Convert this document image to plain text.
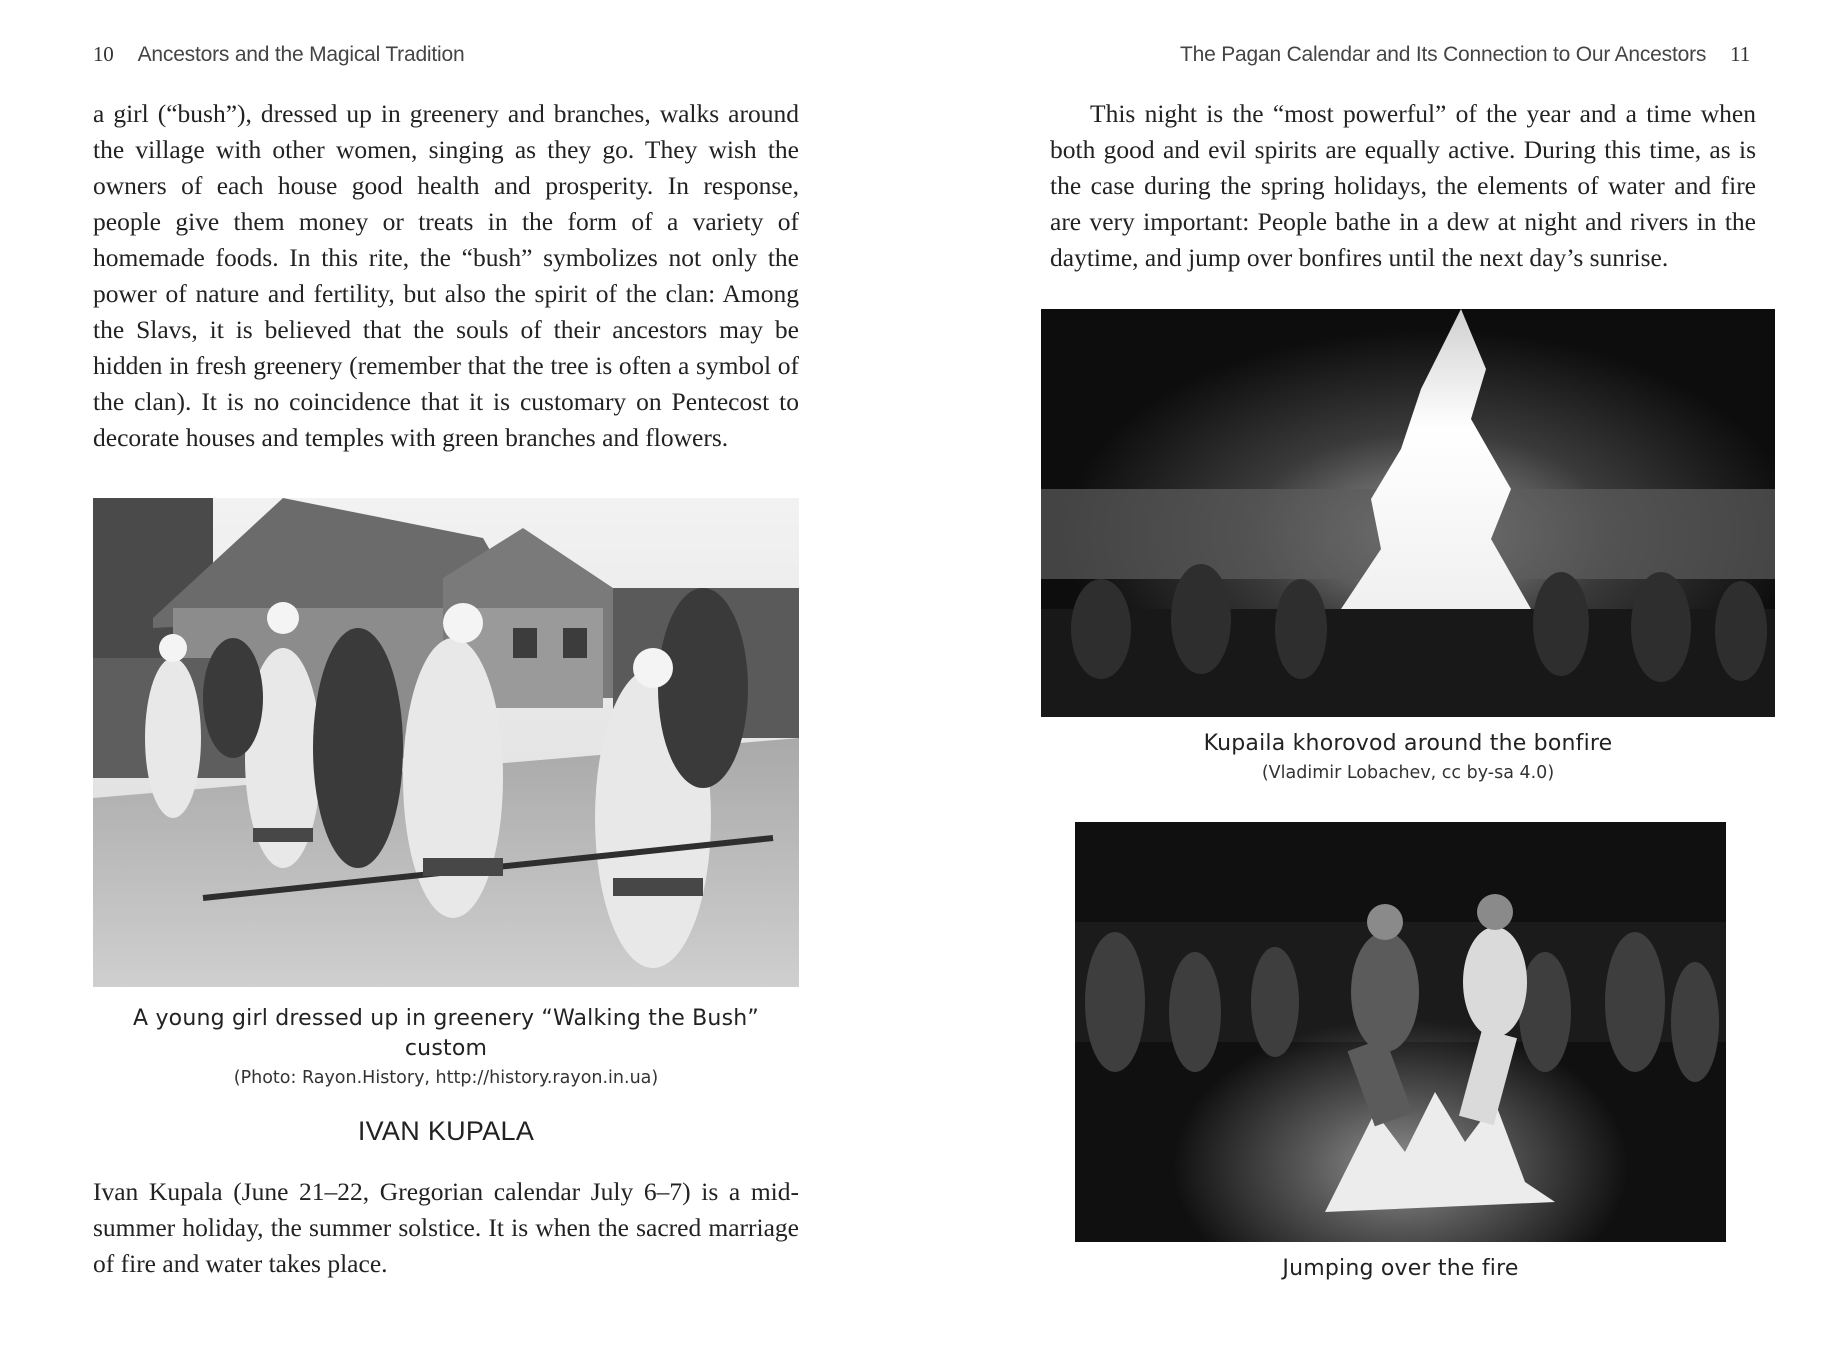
10 Ancestors and the Magical Tradition
a girl (“bush”), dressed up in greenery and branches, walks around the village with other women, singing as they go. They wish the owners of each house good health and prosperity. In response, people give them money or treats in the form of a variety of homemade foods. In this rite, the “bush” symbolizes not only the power of nature and fertility, but also the spirit of the clan: Among the Slavs, it is believed that the souls of their ancestors may be hidden in fresh greenery (remember that the tree is often a symbol of the clan). It is no coincidence that it is customary on Pentecost to decorate houses and temples with green branches and flowers.
A young girl dressed up in greenery “Walking the Bush” custom
(Photo: Rayon.History, http://history.rayon.in.ua)
IVAN KUPALA
Ivan Kupala (June 21–22, Gregorian calendar July 6–7) is a mid-summer holiday, the summer solstice. It is when the sacred marriage of fire and water takes place.
The Pagan Calendar and Its Connection to Our Ancestors 11
This night is the “most powerful” of the year and a time when both good and evil spirits are equally active. During this time, as is the case during the spring holidays, the elements of water and fire are very important: People bathe in a dew at night and rivers in the daytime, and jump over bonfires until the next day’s sunrise.
Kupaila khorovod around the bonfire
(Vladimir Lobachev, cc by-sa 4.0)
Jumping over the fire
